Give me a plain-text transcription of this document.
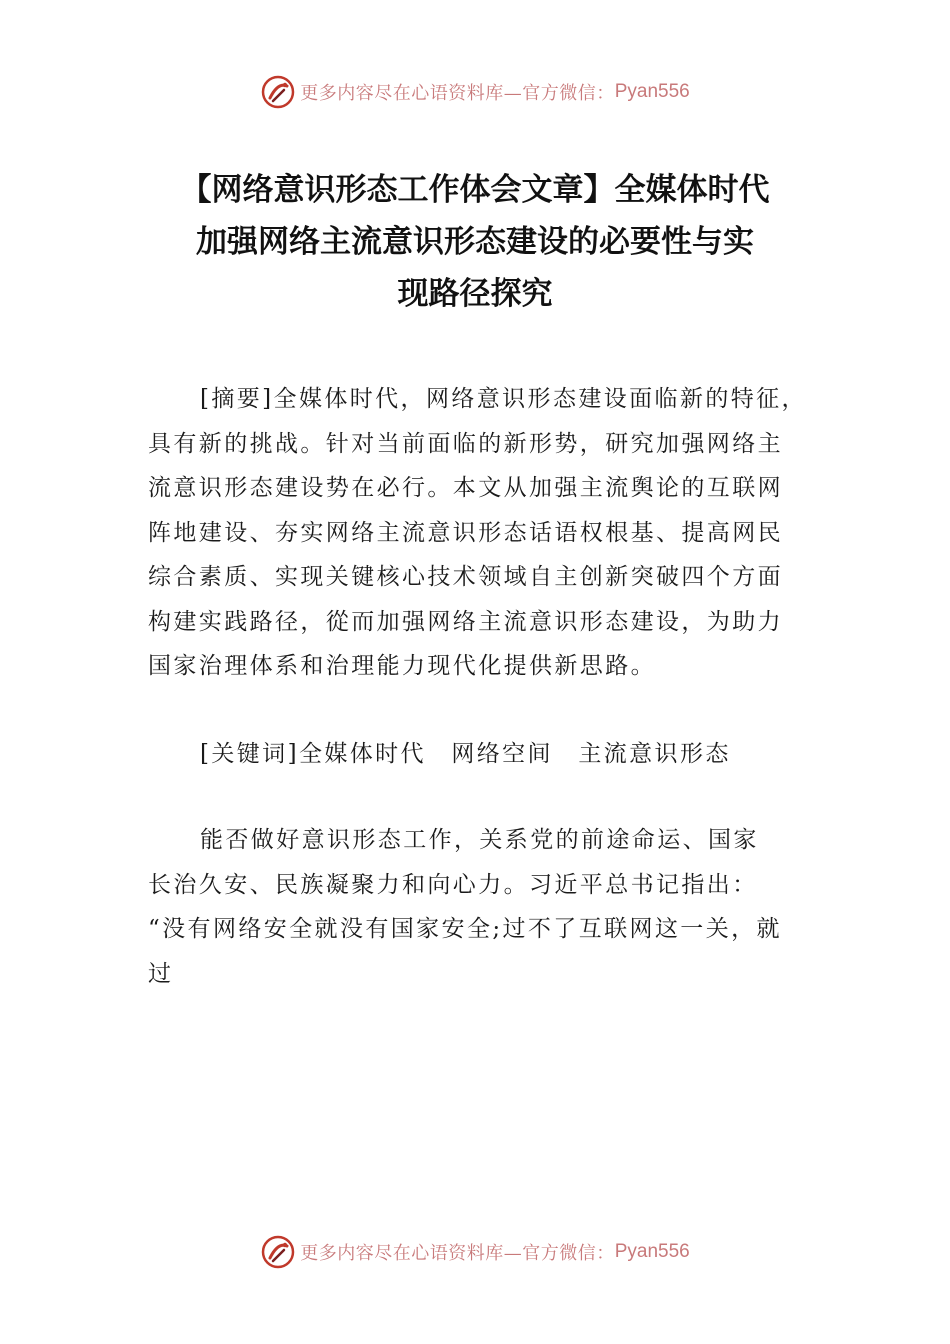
更多内容尽在心语资料库—官方微信： Pyan556
【网络意识形态工作体会文章】全媒体时代
加强网络主流意识形态建设的必要性与实
现路径探究
[摘要]全媒体时代，网络意识形态建设面临新的特征，
具有新的挑战。针对当前面临的新形势，研究加强网络主
流意识形态建设势在必行。本文从加强主流舆论的互联网
阵地建设、夯实网络主流意识形态话语权根基、提高网民
综合素质、实现关键核心技术领域自主创新突破四个方面
构建实践路径，從而加强网络主流意识形态建设，为助力
国家治理体系和治理能力现代化提供新思路。
[关键词]全媒体时代　网络空间　主流意识形态
能否做好意识形态工作，关系党的前途命运、国家
长治久安、民族凝聚力和向心力。习近平总书记指出：
“没有网络安全就没有国家安全;过不了互联网这一关，就
过
更多内容尽在心语资料库—官方微信： Pyan556
